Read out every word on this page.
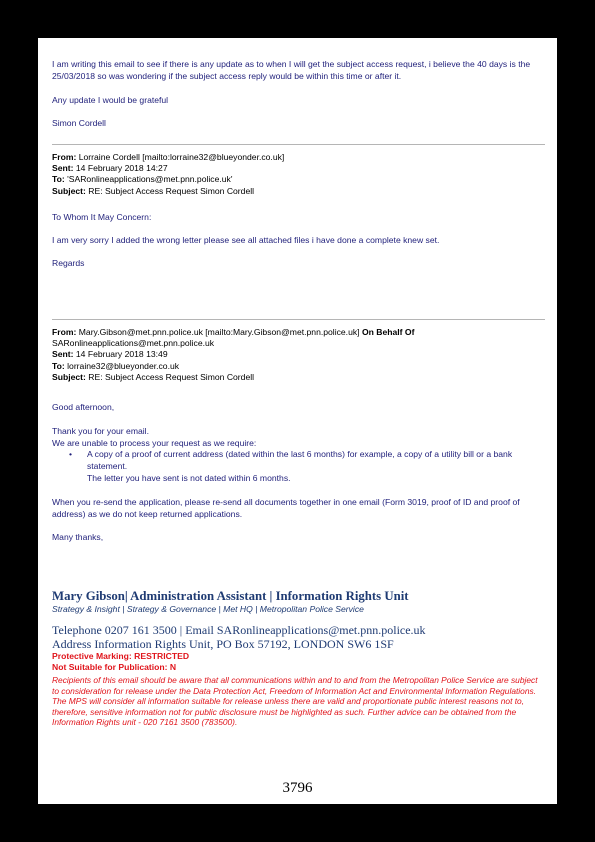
I am writing this email to see if there is any update as to when I will get the subject access request, i believe the 40 days is the 25/03/2018 so was wondering if the subject access reply would be within this time or after it.

Any update I would be grateful

Simon Cordell

From: Lorraine Cordell [mailto:lorraine32@blueyonder.co.uk]

Sent: 14 February 2018 14:27

To: 'SARonlineapplications@met.pnn.police.uk'

Subject: RE: Subject Access Request Simon Cordell

To Whom It May Concern:

I am very sorry I added the wrong letter please see all attached files i have done a complete knew set.

Regards

From: Mary.Gibson@met.pnn.police.uk [mailto:Mary.Gibson@met.pnn.police.uk] On Behalf Of

SARonlineapplications@met.pnn.police.uk

Sent: 14 February 2018 13:49

To: lorraine32@blueyonder.co.uk

Subject: RE: Subject Access Request Simon Cordell

Good afternoon,

Thank you for your email.

We are unable to process your request as we require:

• A copy of a proof of current address (dated within the last 6 months) for example, a copy of a utility bill or a bank statement.

The letter you have sent is not dated within 6 months.

When you re-send the application, please re-send all documents together in one email (Form 3019, proof of ID and proof of address) as we do not keep returned applications.

Many thanks,

Mary Gibson| Administration Assistant | Information Rights Unit

Strategy & Insight | Strategy & Governance | Met HQ | Metropolitan Police Service

Telephone 0207 161 3500 | Email SARonlineapplications@met.pnn.police.uk

Address Information Rights Unit, PO Box 57192, LONDON SW6 1SF

Protective Marking: RESTRICTED

Not Suitable for Publication: N

Recipients of this email should be aware that all communications within and to and from the Metropolitan Police Service are subject to consideration for release under the Data Protection Act, Freedom of Information Act and Environmental Information Regulations. The MPS will consider all information suitable for release unless there are valid and proportionate public interest reasons not to, therefore, sensitive information not for public disclosure must be highlighted as such. Further advice can be obtained from the Information Rights unit - 020 7161 3500 (783500).

3796
